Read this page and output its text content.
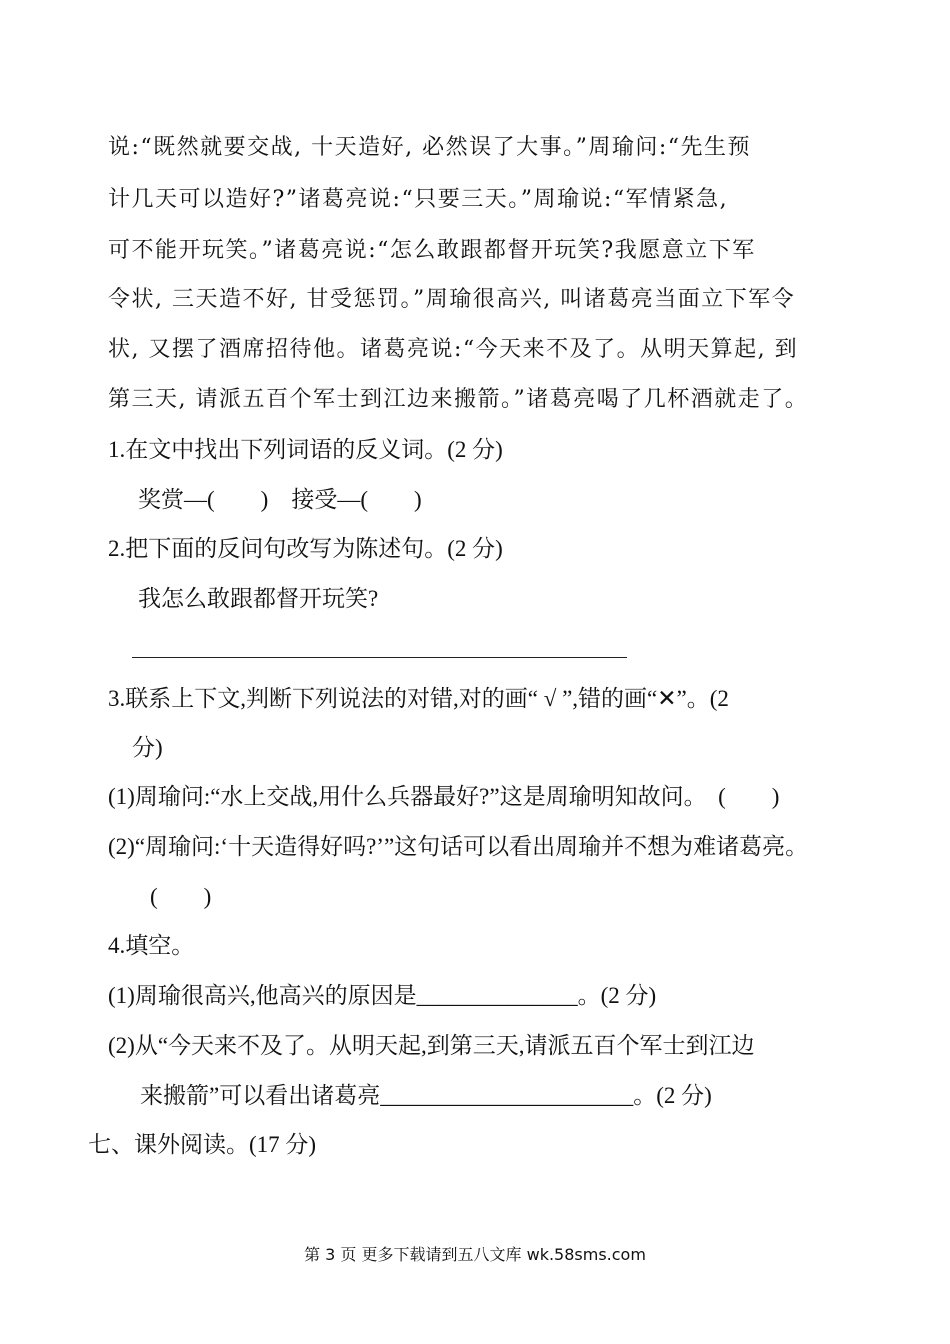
说:“既然就要交战, 十天造好, 必然误了大事。”周瑜问:“先生预
计几天可以造好?”诸葛亮说:“只要三天。”周瑜说:“军情紧急,
可不能开玩笑。”诸葛亮说:“怎么敢跟都督开玩笑?我愿意立下军
令状, 三天造不好, 甘受惩罚。”周瑜很高兴, 叫诸葛亮当面立下军令
状, 又摆了酒席招待他。诸葛亮说:“今天来不及了。从明天算起, 到
第三天, 请派五百个军士到江边来搬箭。”诸葛亮喝了几杯酒就走了。
1.在文中找出下列词语的反义词。(2 分)
奖赏—(        )    接受—(        )
2.把下面的反问句改写为陈述句。(2 分)
我怎么敢跟都督开玩笑?
3.联系上下文,判断下列说法的对错,对的画“ √ ”,错的画“✕”。(2
分)
(1)周瑜问:“水上交战,用什么兵器最好?”这是周瑜明知故问。  (        )
(2)“周瑜问:‘十天造得好吗?’”这句话可以看出周瑜并不想为难诸葛亮。
(        )
4.填空。
(1)周瑜很高兴,他高兴的原因是______________。(2 分)
(2)从“今天来不及了。从明天起,到第三天,请派五百个军士到江边
来搬箭”可以看出诸葛亮______________________。(2 分)
七、课外阅读。(17 分)
第 3 页 更多下载请到五八文库 wk.58sms.com
